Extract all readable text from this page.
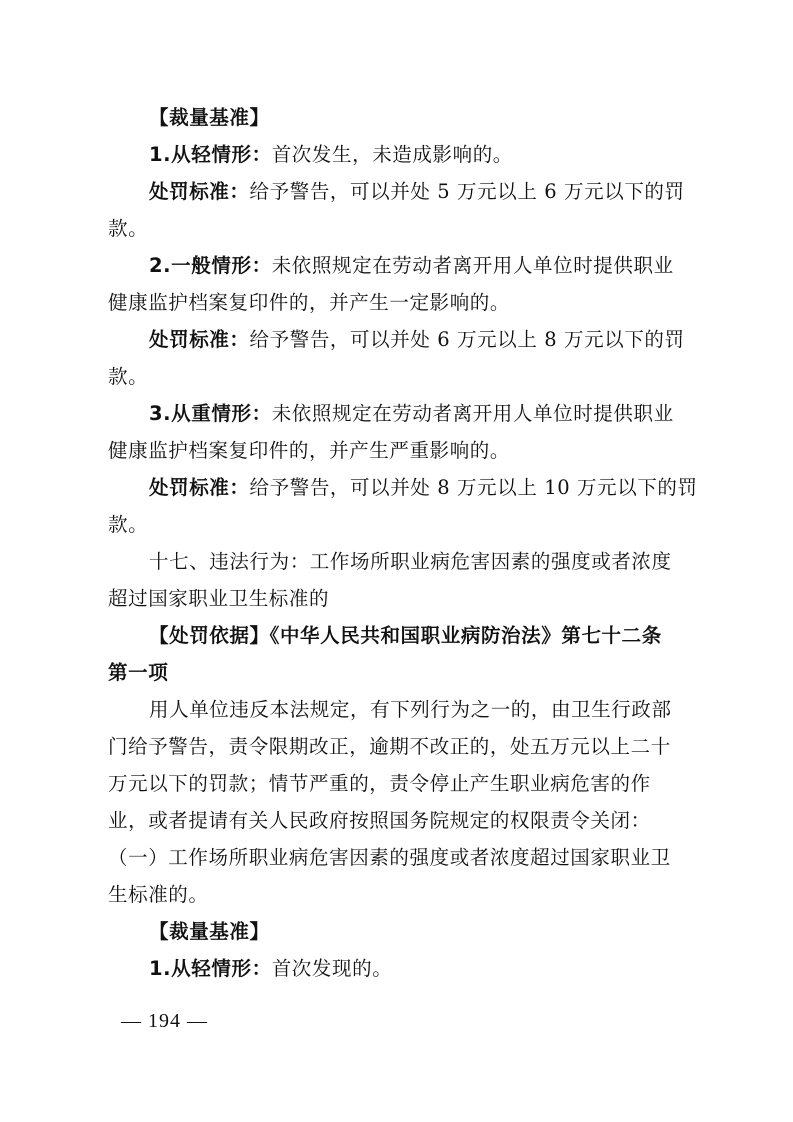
【裁量基准】
1.从轻情形：首次发生，未造成影响的。
处罚标准：给予警告，可以并处 5 万元以上 6 万元以下的罚
款。
2.一般情形：未依照规定在劳动者离开用人单位时提供职业
健康监护档案复印件的，并产生一定影响的。
处罚标准：给予警告，可以并处 6 万元以上 8 万元以下的罚
款。
3.从重情形：未依照规定在劳动者离开用人单位时提供职业
健康监护档案复印件的，并产生严重影响的。
处罚标准：给予警告，可以并处 8 万元以上 10 万元以下的罚
款。
十七、违法行为：工作场所职业病危害因素的强度或者浓度
超过国家职业卫生标准的
【处罚依据】《中华人民共和国职业病防治法》第七十二条
第一项
用人单位违反本法规定，有下列行为之一的，由卫生行政部
门给予警告，责令限期改正，逾期不改正的，处五万元以上二十
万元以下的罚款；情节严重的，责令停止产生职业病危害的作
业，或者提请有关人民政府按照国务院规定的权限责令关闭：
（一）工作场所职业病危害因素的强度或者浓度超过国家职业卫
生标准的。
【裁量基准】
1.从轻情形：首次发现的。
— 194 —
